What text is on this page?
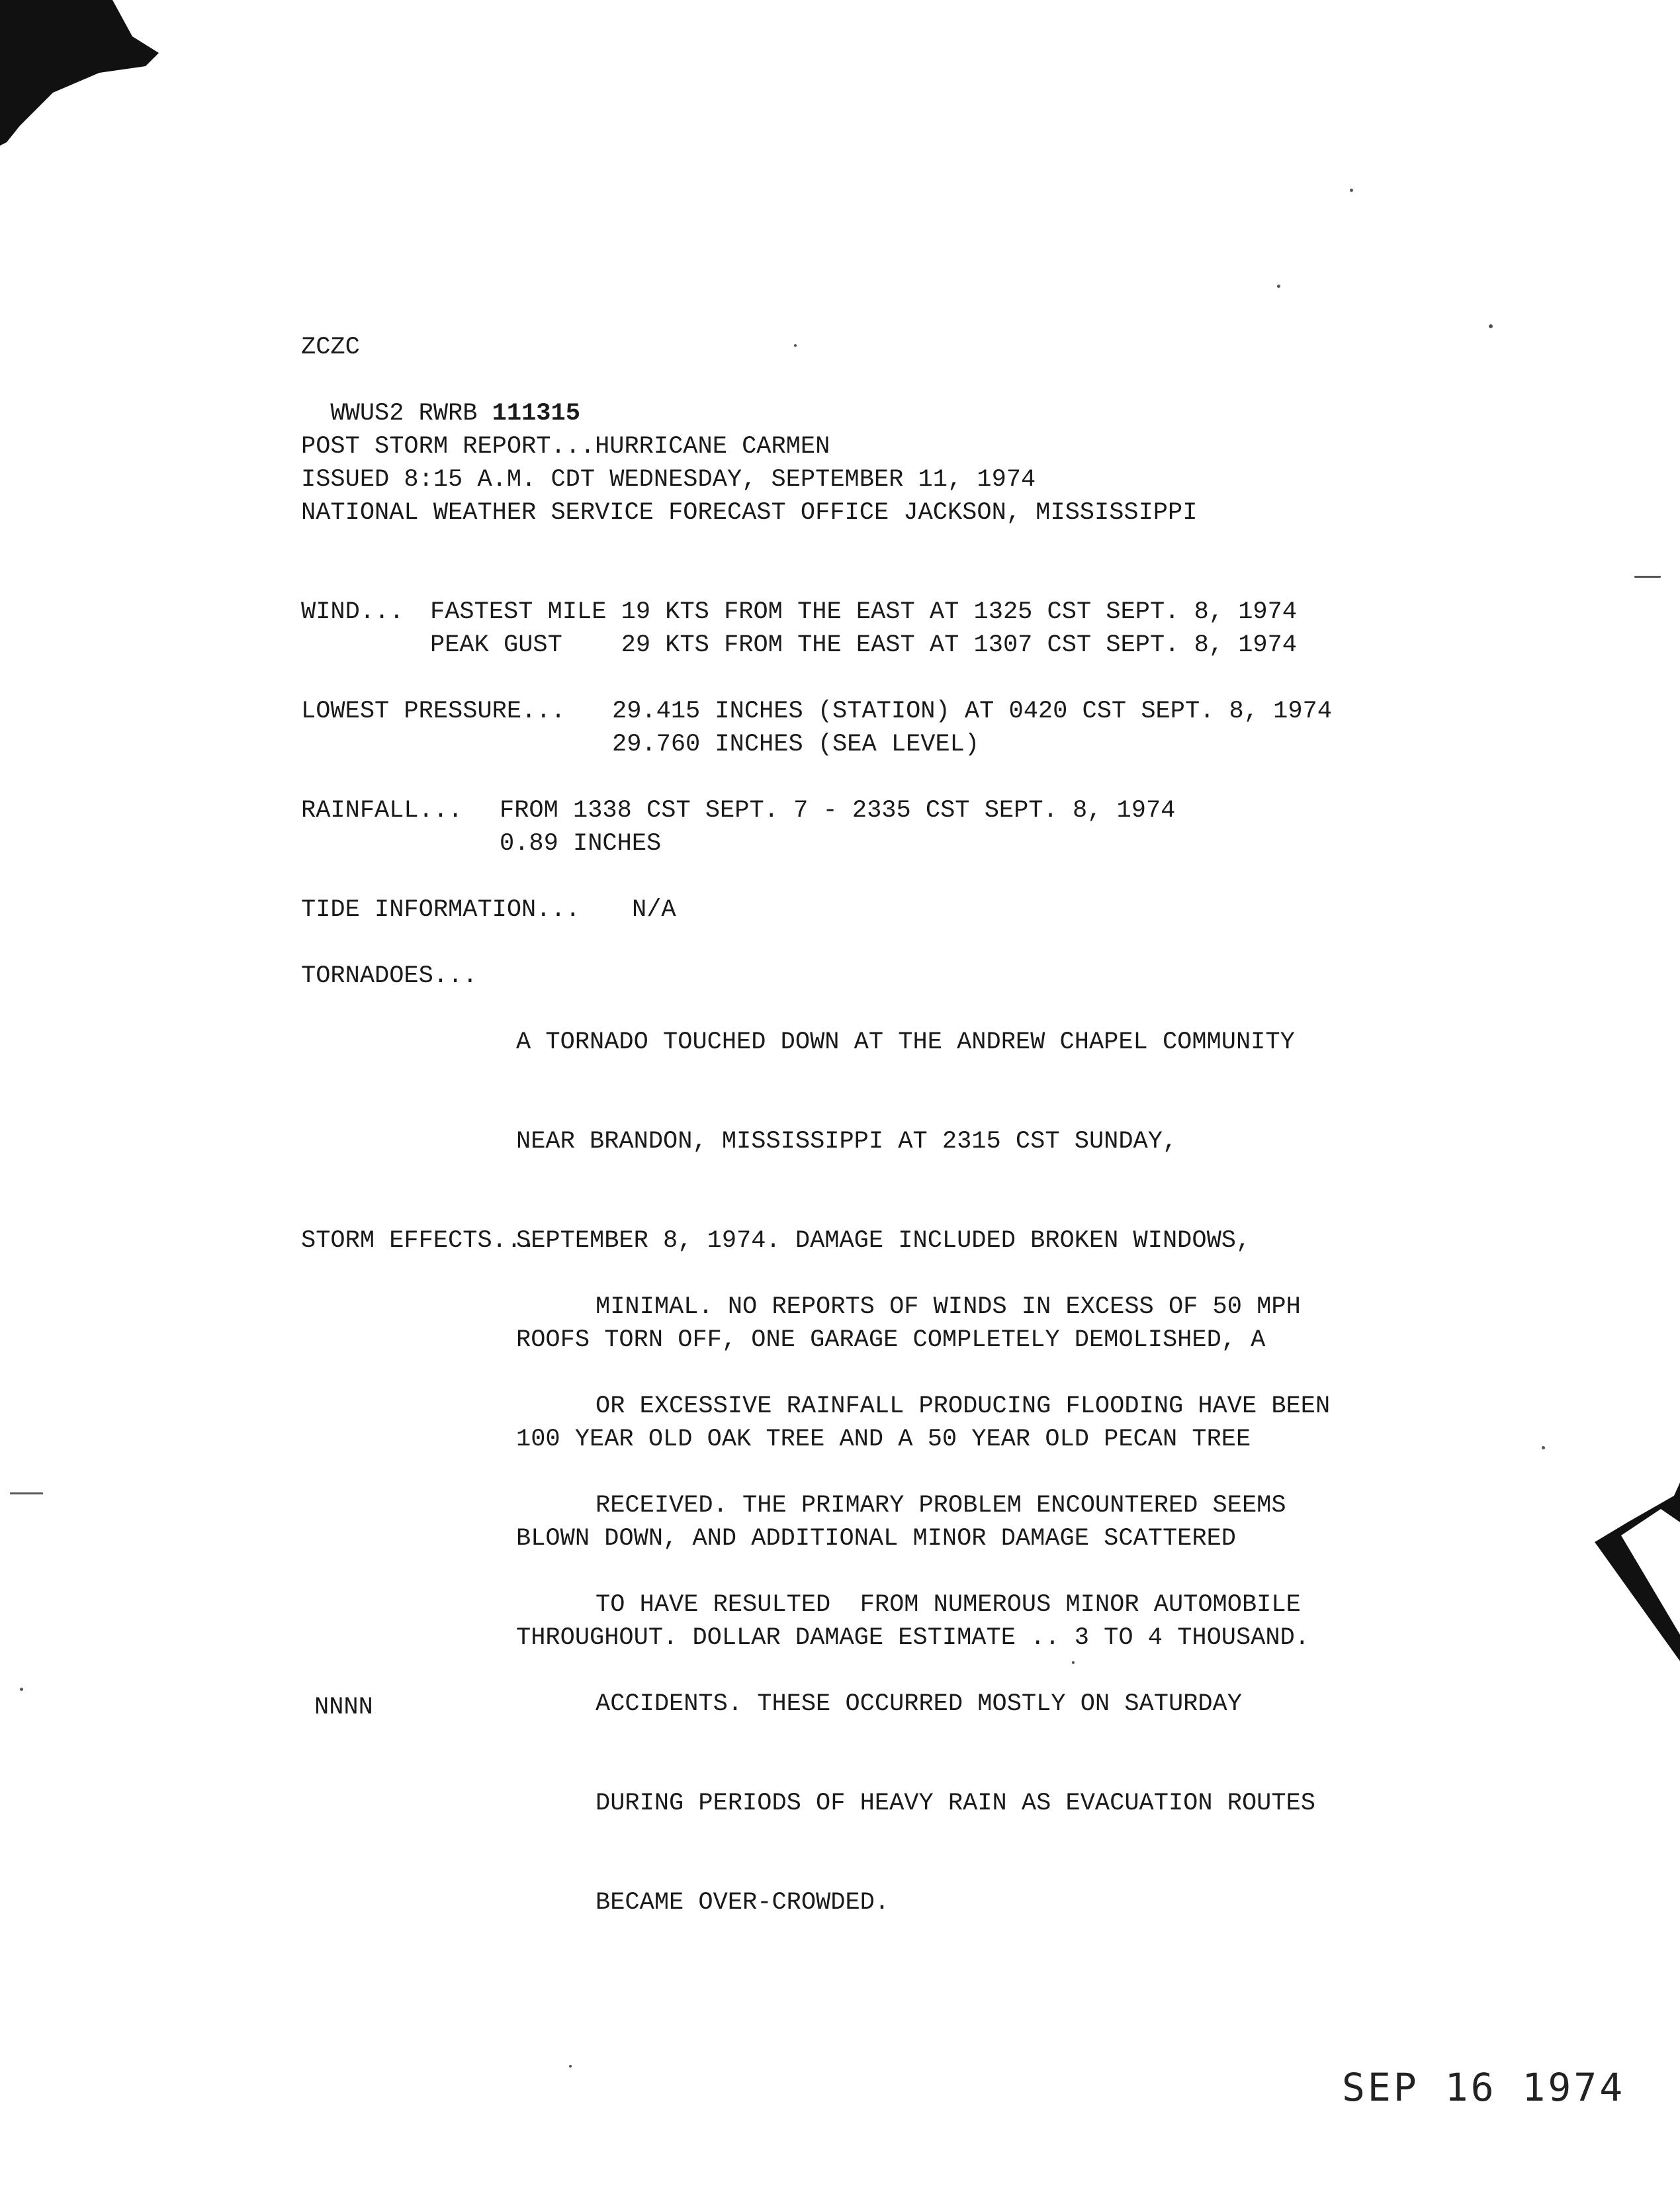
ZCZC

WWUS2 RWRB 111315

POST STORM REPORT...HURRICANE CARMEN
ISSUED 8:15 A.M. CDT WEDNESDAY, SEPTEMBER 11, 1974
NATIONAL WEATHER SERVICE FORECAST OFFICE JACKSON, MISSISSIPPI
WIND... FASTEST MILE 19 KTS FROM THE EAST AT 1325 CST SEPT. 8, 1974
PEAK GUST    29 KTS FROM THE EAST AT 1307 CST SEPT. 8, 1974
LOWEST PRESSURE... 29.415 INCHES (STATION) AT 0420 CST SEPT. 8, 1974
29.760 INCHES (SEA LEVEL)
RAINFALL... FROM 1338 CST SEPT. 7 - 2335 CST SEPT. 8, 1974
0.89 INCHES
TIDE INFORMATION... N/A
TORNADOES...

A TORNADO TOUCHED DOWN AT THE ANDREW CHAPEL COMMUNITY

NEAR BRANDON, MISSISSIPPI AT 2315 CST SUNDAY,

SEPTEMBER 8, 1974. DAMAGE INCLUDED BROKEN WINDOWS,

ROOFS TORN OFF, ONE GARAGE COMPLETELY DEMOLISHED, A

100 YEAR OLD OAK TREE AND A 50 YEAR OLD PECAN TREE

BLOWN DOWN, AND ADDITIONAL MINOR DAMAGE SCATTERED

THROUGHOUT. DOLLAR DAMAGE ESTIMATE .. 3 TO 4 THOUSAND.

STORM EFFECTS...

MINIMAL. NO REPORTS OF WINDS IN EXCESS OF 50 MPH

OR EXCESSIVE RAINFALL PRODUCING FLOODING HAVE BEEN

RECEIVED. THE PRIMARY PROBLEM ENCOUNTERED SEEMS

TO HAVE RESULTED  FROM NUMEROUS MINOR AUTOMOBILE

ACCIDENTS. THESE OCCURRED MOSTLY ON SATURDAY

DURING PERIODS OF HEAVY RAIN AS EVACUATION ROUTES

BECAME OVER-CROWDED.

NNNN
SEP 16 1974
